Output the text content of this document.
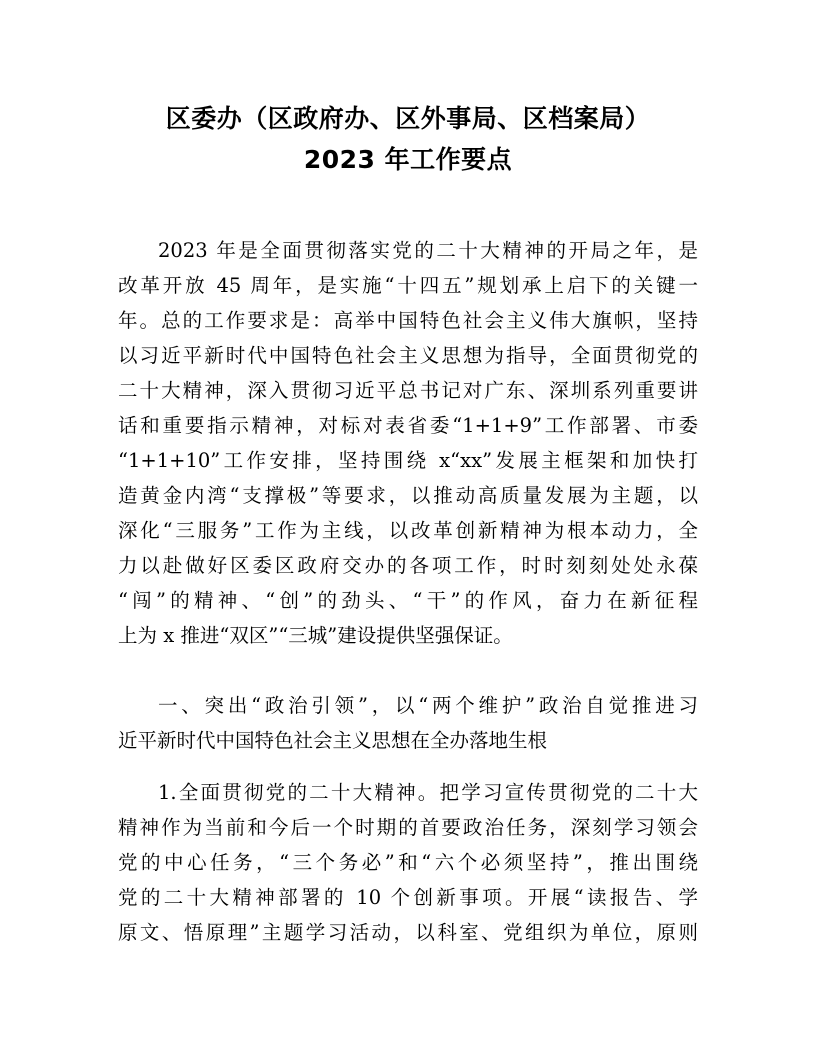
区委办（区政府办、区外事局、区档案局）
2023 年工作要点
2023 年是全面贯彻落实党的二十大精神的开局之年，是
改革开放 45 周年，是实施“十四五”规划承上启下的关键一
年。总的工作要求是：高举中国特色社会主义伟大旗帜，坚持
以习近平新时代中国特色社会主义思想为指导，全面贯彻党的
二十大精神，深入贯彻习近平总书记对广东、深圳系列重要讲
话和重要指示精神，对标对表省委“1+1+9”工作部署、市委
“1+1+10”工作安排，坚持围绕 x“xx”发展主框架和加快打
造黄金内湾“支撑极”等要求，以推动高质量发展为主题，以
深化“三服务”工作为主线，以改革创新精神为根本动力，全
力以赴做好区委区政府交办的各项工作，时时刻刻处处永葆
“闯”的精神、“创”的劲头、“干”的作风，奋力在新征程
上为 x 推进“双区”“三城”建设提供坚强保证。
一、突出“政治引领”，以“两个维护”政治自觉推进习
近平新时代中国特色社会主义思想在全办落地生根
1.全面贯彻党的二十大精神。把学习宣传贯彻党的二十大
精神作为当前和今后一个时期的首要政治任务，深刻学习领会
党的中心任务，“三个务必”和“六个必须坚持”，推出围绕
党的二十大精神部署的 10 个创新事项。开展“读报告、学
原文、悟原理”主题学习活动，以科室、党组织为单位，原则
